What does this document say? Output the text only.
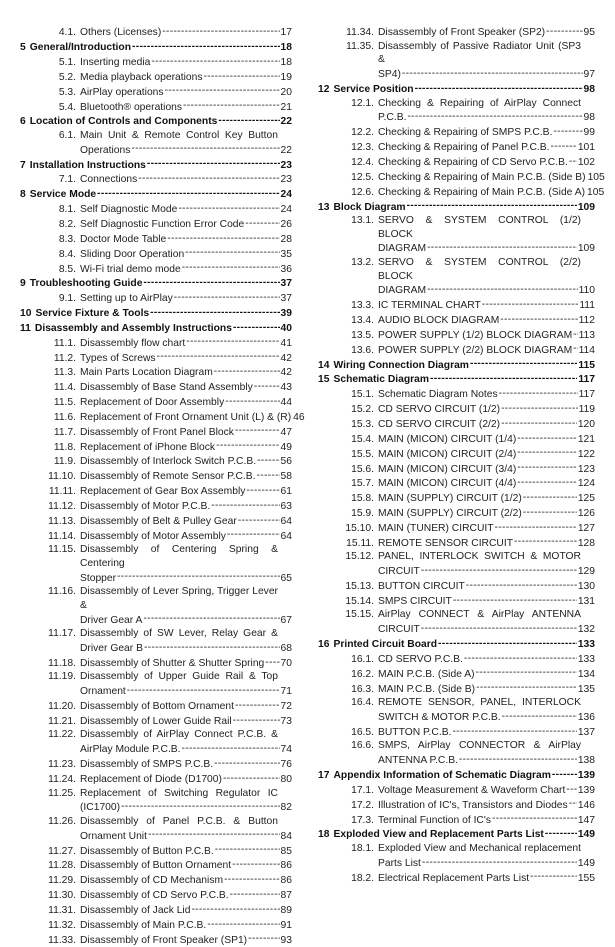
4.1. Others (Licenses) -----	17
5 General/Introduction -----	18
5.1. Inserting media -----	18
5.2. Media playback operations -----	19
5.3. AirPlay operations -----	20
5.4. Bluetooth® operations -----	21
6 Location of Controls and Components -----	22
6.1. Main Unit & Remote Control Key Button
Operations -----	22
7 Installation Instructions -----	23
7.1. Connections -----	23
8 Service Mode -----	24
8.1. Self Diagnostic Mode -----	24
8.2. Self Diagnostic Function Error Code -----	26
8.3. Doctor Mode Table -----	28
8.4. Sliding Door Operation -----	35
8.5. Wi-Fi trial demo mode -----	36
9 Troubleshooting Guide -----	37
9.1. Setting up to AirPlay -----	37
10 Service Fixture & Tools -----	39
11 Disassembly and Assembly Instructions -----	40
11.1. Disassembly flow chart -----	41
11.2. Types of Screws -----	42
11.3. Main Parts Location Diagram -----	42
11.4. Disassembly of Base Stand Assembly -----	43
11.5. Replacement of Door Assembly -----	44
11.6. Replacement of Front Ornament Unit (L) & (R) 46
11.7. Disassembly of Front Panel Block -----	47
11.8. Replacement of iPhone Block -----	49
11.9. Disassembly of Interlock Switch P.C.B. ----- 56
11.10. Disassembly of Remote Sensor P.C.B. ----- 58
11.11. Replacement of Gear Box Assembly -----	61
11.12. Disassembly of Motor P.C.B. -----	63
11.13. Disassembly of Belt & Pulley Gear -----	64
11.14. Disassembly of Motor Assembly -----	64
11.15. Disassembly of Centering Spring & Centering
Stopper -----	65
11.16. Disassembly of Lever Spring, Trigger Lever &
Driver Gear A -----	67
11.17. Disassembly of SW Lever, Relay Gear &
Driver Gear B -----	68
11.18. Disassembly of Shutter & Shutter Spring ----- 70
11.19. Disassembly of Upper Guide Rail & Top
Ornament -----	71
11.20. Disassembly of Bottom Ornament -----	72
11.21. Disassembly of Lower Guide Rail -----	73
11.22. Disassembly of AirPlay Connect P.C.B. &
AirPlay Module P.C.B. -----	74
11.23. Disassembly of SMPS P.C.B. -----	76
11.24. Replacement of Diode (D1700) -----	80
11.25. Replacement of Switching Regulator IC
(IC1700) -----	82
11.26. Disassembly of Panel P.C.B. & Button
Ornament Unit -----	84
11.27. Disassembly of Button P.C.B. -----	85
11.28. Disassembly of Button Ornament -----	86
11.29. Disassembly of CD Mechanism -----	86
11.30. Disassembly of CD Servo P.C.B. -----	87
11.31. Disassembly of Jack Lid -----	89
11.32. Disassembly of Main P.C.B. -----	91
11.33. Disassembly of Front Speaker (SP1) -----	93
11.34. Disassembly of Front Speaker (SP2) -----	95
11.35. Disassembly of Passive Radiator Unit (SP3 &
SP4) -----	97
12 Service Position -----	98
12.1. Checking & Repairing of AirPlay Connect
P.C.B. -----	98
12.2. Checking & Repairing of SMPS P.C.B. -----	99
12.3. Checking & Repairing of Panel P.C.B. -----	101
12.4. Checking & Repairing of CD Servo P.C.B. ----- 102
12.5. Checking & Repairing of Main P.C.B. (Side B) 105
12.6. Checking & Repairing of Main P.C.B. (Side A) 105
13 Block Diagram -----	109
13.1. SERVO & SYSTEM CONTROL (1/2) BLOCK
DIAGRAM -----	109
13.2. SERVO & SYSTEM CONTROL (2/2) BLOCK
DIAGRAM -----	110
13.3. IC TERMINAL CHART -----	111
13.4. AUDIO BLOCK DIAGRAM -----	112
13.5. POWER SUPPLY (1/2) BLOCK DIAGRAM ----- 113
13.6. POWER SUPPLY (2/2) BLOCK DIAGRAM ----- 114
14 Wiring Connection Diagram -----	115
15 Schematic Diagram -----	117
15.1. Schematic Diagram Notes -----	117
15.2. CD SERVO CIRCUIT (1/2) -----	119
15.3. CD SERVO CIRCUIT (2/2) -----	120
15.4. MAIN (MICON) CIRCUIT (1/4) -----	121
15.5. MAIN (MICON) CIRCUIT (2/4) -----	122
15.6. MAIN (MICON) CIRCUIT (3/4) -----	123
15.7. MAIN (MICON) CIRCUIT (4/4) -----	124
15.8. MAIN (SUPPLY) CIRCUIT (1/2) -----	125
15.9. MAIN (SUPPLY) CIRCUIT (2/2) -----	126
15.10. MAIN (TUNER) CIRCUIT -----	127
15.11. REMOTE SENSOR CIRCUIT -----	128
15.12. PANEL, INTERLOCK SWITCH & MOTOR
CIRCUIT -----	129
15.13. BUTTON CIRCUIT -----	130
15.14. SMPS CIRCUIT -----	131
15.15. AirPlay CONNECT & AirPlay ANTENNA
CIRCUIT -----	132
16 Printed Circuit Board -----	133
16.1. CD SERVO P.C.B. -----	133
16.2. MAIN P.C.B. (Side A) -----	134
16.3. MAIN P.C.B. (Side B) -----	135
16.4. REMOTE SENSOR, PANEL, INTERLOCK
SWITCH & MOTOR P.C.B. -----	136
16.5. BUTTON P.C.B. -----	137
16.6. SMPS, AirPlay CONNECTOR & AirPlay
ANTENNA P.C.B. -----	138
17 Appendix Information of Schematic Diagram -----	139
17.1. Voltage Measurement & Waveform Chart ----- 139
17.2. Illustration of IC's, Transistors and Diodes ----- 146
17.3. Terminal Function of IC's -----	147
18 Exploded View and Replacement Parts List -----	149
18.1. Exploded View and Mechanical replacement
Parts List -----	149
18.2. Electrical Replacement Parts List -----	155
